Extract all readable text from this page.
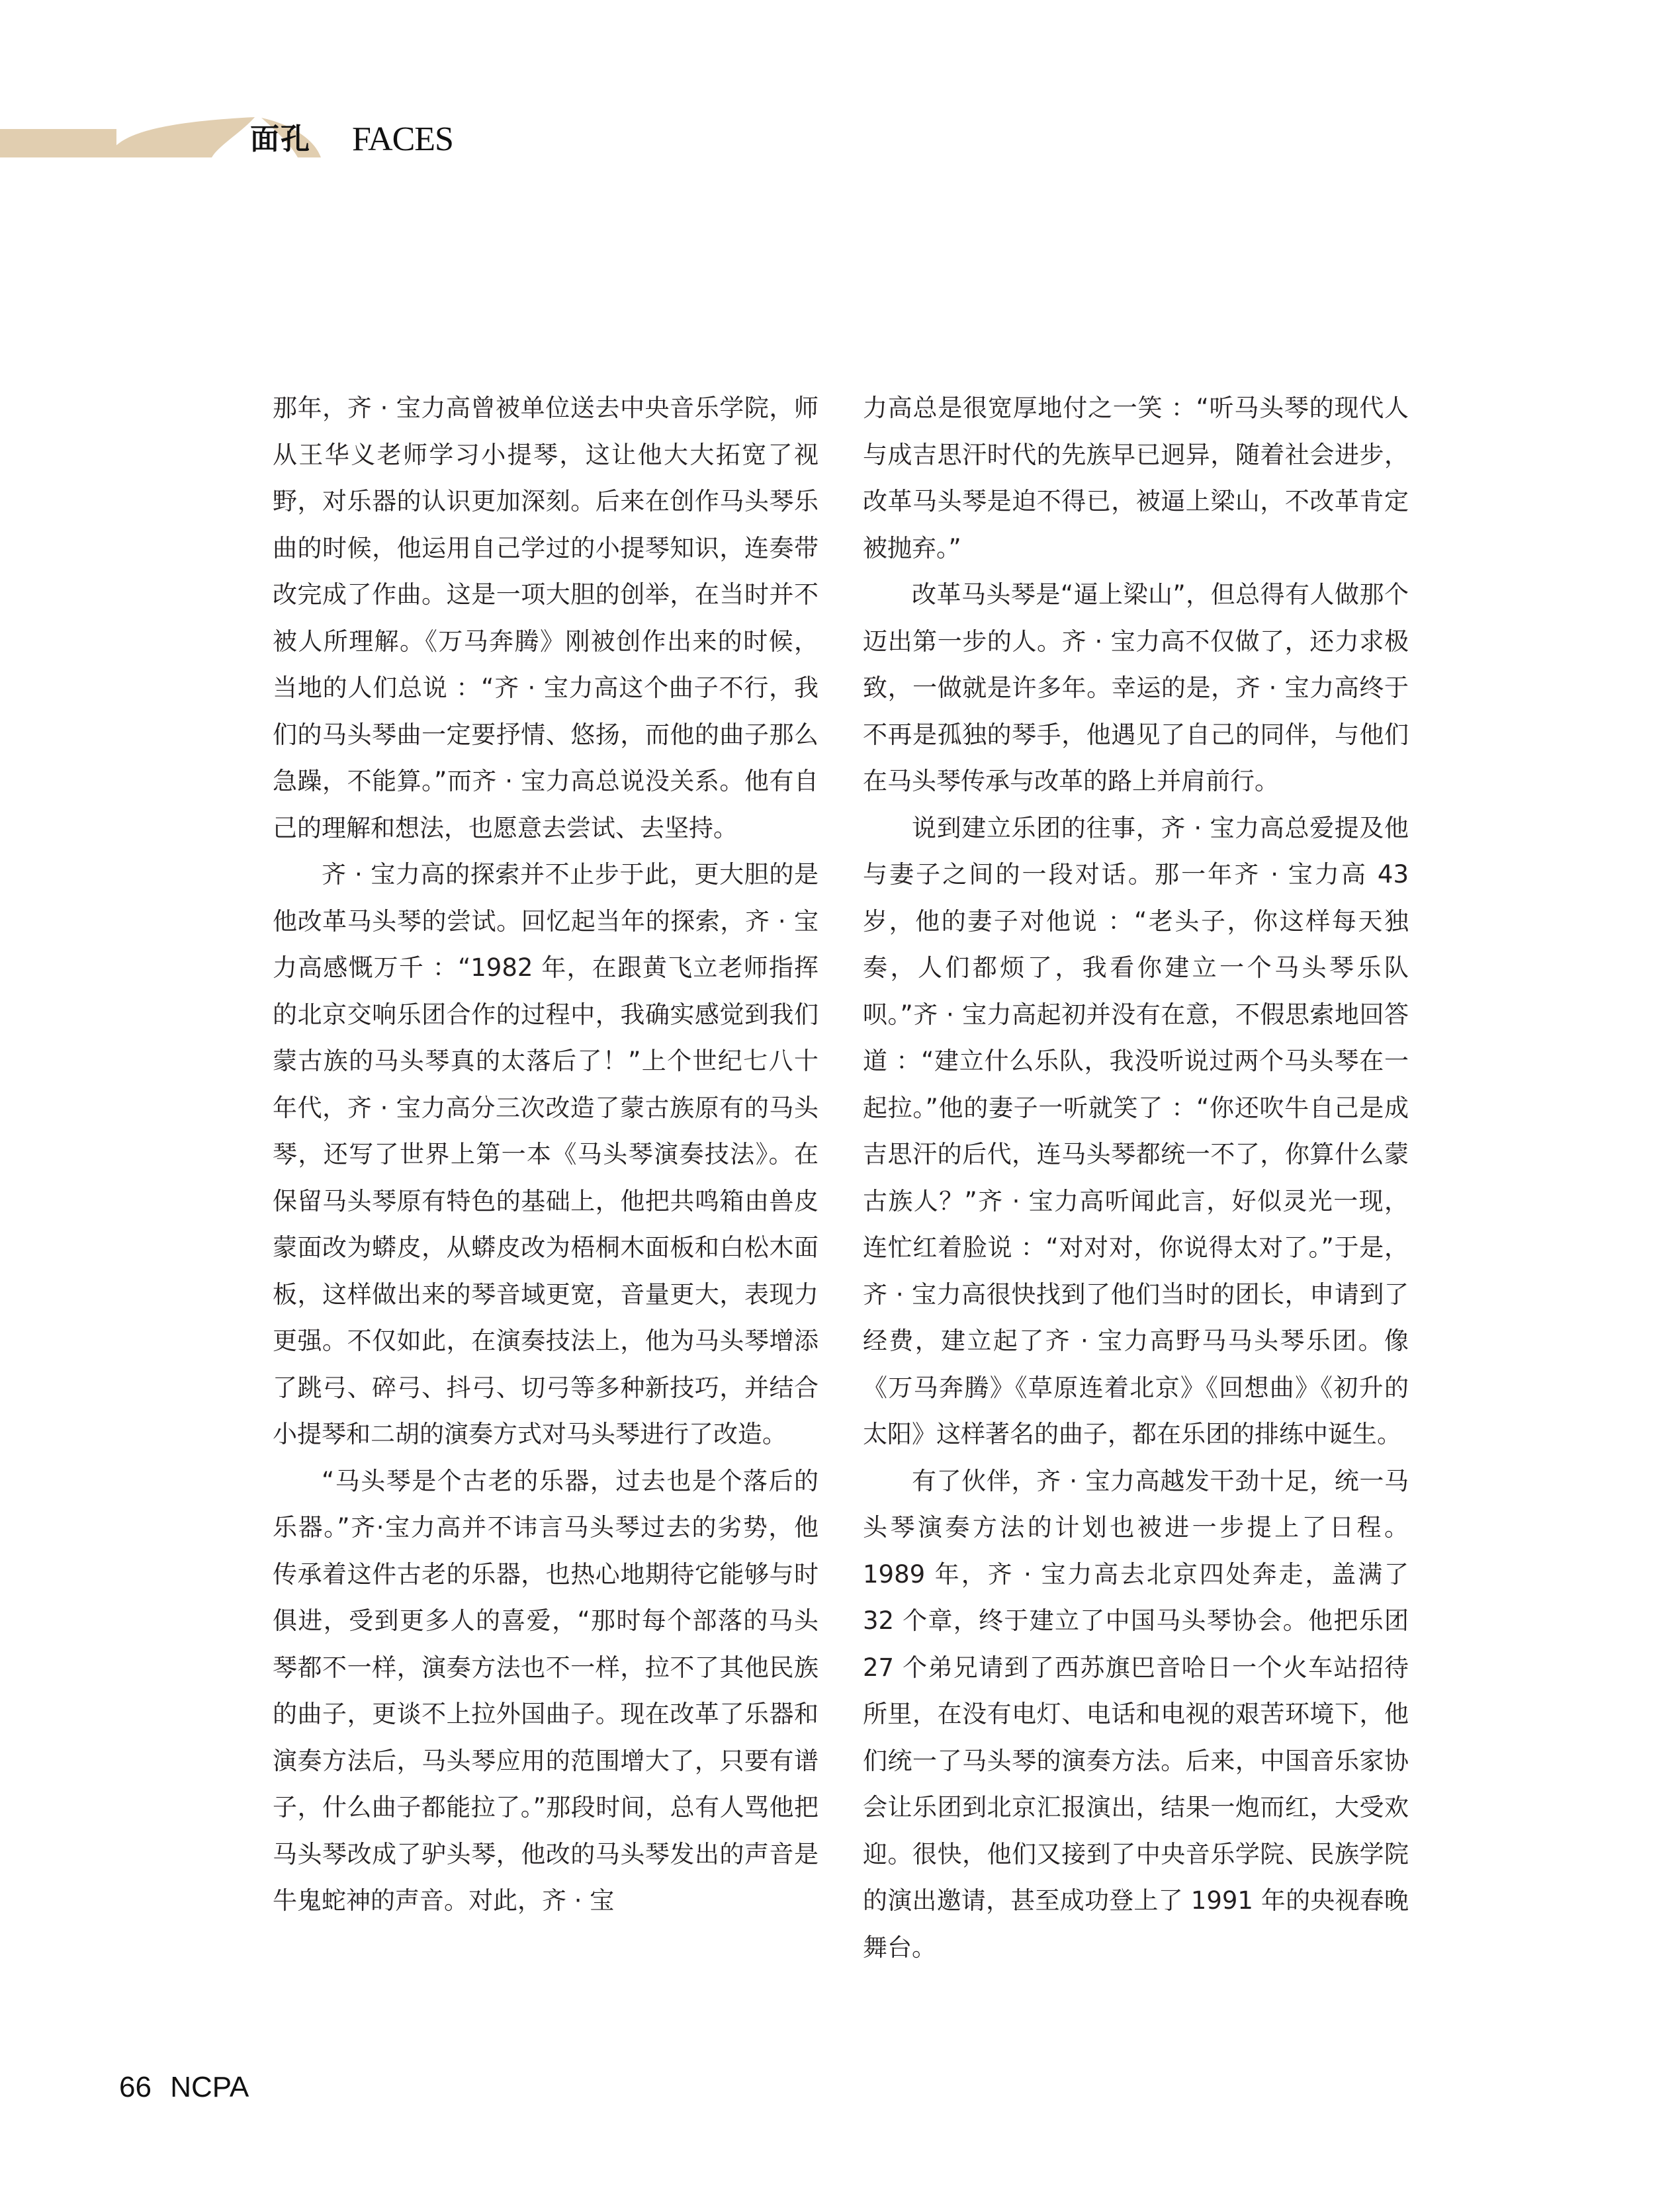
面孔 FACES

那年，齐 · 宝力高曾被单位送去中央音乐学院，师从王华义老师学习小提琴，这让他大大拓宽了视野，对乐器的认识更加深刻。后来在创作马头琴乐曲的时候，他运用自己学过的小提琴知识，连奏带改完成了作曲。这是一项大胆的创举，在当时并不被人所理解。《万马奔腾》刚被创作出来的时候，当地的人们总说 ：“齐 · 宝力高这个曲子不行，我们的马头琴曲一定要抒情、悠扬，而他的曲子那么急躁，不能算。”而齐 · 宝力高总说没关系。他有自己的理解和想法，也愿意去尝试、去坚持。

齐 · 宝力高的探索并不止步于此，更大胆的是他改革马头琴的尝试。回忆起当年的探索，齐 · 宝力高感慨万千 ：“1982 年，在跟黄飞立老师指挥的北京交响乐团合作的过程中，我确实感觉到我们蒙古族的马头琴真的太落后了！”上个世纪七八十年代，齐 · 宝力高分三次改造了蒙古族原有的马头琴，还写了世界上第一本《马头琴演奏技法》。在保留马头琴原有特色的基础上，他把共鸣箱由兽皮蒙面改为蟒皮，从蟒皮改为梧桐木面板和白松木面板，这样做出来的琴音域更宽，音量更大，表现力更强。不仅如此，在演奏技法上，他为马头琴增添了跳弓、碎弓、抖弓、切弓等多种新技巧，并结合小提琴和二胡的演奏方式对马头琴进行了改造。

“马头琴是个古老的乐器，过去也是个落后的乐器。”齐·宝力高并不讳言马头琴过去的劣势，他传承着这件古老的乐器，也热心地期待它能够与时俱进，受到更多人的喜爱，“那时每个部落的马头琴都不一样，演奏方法也不一样，拉不了其他民族的曲子，更谈不上拉外国曲子。现在改革了乐器和演奏方法后，马头琴应用的范围增大了，只要有谱子，什么曲子都能拉了。”那段时间，总有人骂他把马头琴改成了驴头琴，他改的马头琴发出的声音是牛鬼蛇神的声音。对此，齐 · 宝

力高总是很宽厚地付之一笑 ：“听马头琴的现代人与成吉思汗时代的先族早已迥异，随着社会进步，改革马头琴是迫不得已，被逼上梁山，不改革肯定被抛弃。”

改革马头琴是“逼上梁山”，但总得有人做那个迈出第一步的人。齐 · 宝力高不仅做了，还力求极致，一做就是许多年。幸运的是，齐 · 宝力高终于不再是孤独的琴手，他遇见了自己的同伴，与他们在马头琴传承与改革的路上并肩前行。

说到建立乐团的往事，齐 · 宝力高总爱提及他与妻子之间的一段对话。那一年齐 · 宝力高 43 岁，他的妻子对他说 ：“老头子，你这样每天独奏，人们都烦了，我看你建立一个马头琴乐队呗。”齐 · 宝力高起初并没有在意，不假思索地回答道 ：“建立什么乐队，我没听说过两个马头琴在一起拉。”他的妻子一听就笑了 ：“你还吹牛自己是成吉思汗的后代，连马头琴都统一不了，你算什么蒙古族人？”齐 · 宝力高听闻此言，好似灵光一现，连忙红着脸说 ：“对对对，你说得太对了。”于是，齐 · 宝力高很快找到了他们当时的团长，申请到了经费，建立起了齐 · 宝力高野马马头琴乐团。像《万马奔腾》《草原连着北京》《回想曲》《初升的太阳》这样著名的曲子，都在乐团的排练中诞生。

有了伙伴，齐 · 宝力高越发干劲十足，统一马头琴演奏方法的计划也被进一步提上了日程。1989 年，齐 · 宝力高去北京四处奔走，盖满了 32 个章，终于建立了中国马头琴协会。他把乐团 27 个弟兄请到了西苏旗巴音哈日一个火车站招待所里，在没有电灯、电话和电视的艰苦环境下，他们统一了马头琴的演奏方法。后来，中国音乐家协会让乐团到北京汇报演出，结果一炮而红，大受欢迎。很快，他们又接到了中央音乐学院、民族学院的演出邀请，甚至成功登上了 1991 年的央视春晚舞台。

66 NCPA
